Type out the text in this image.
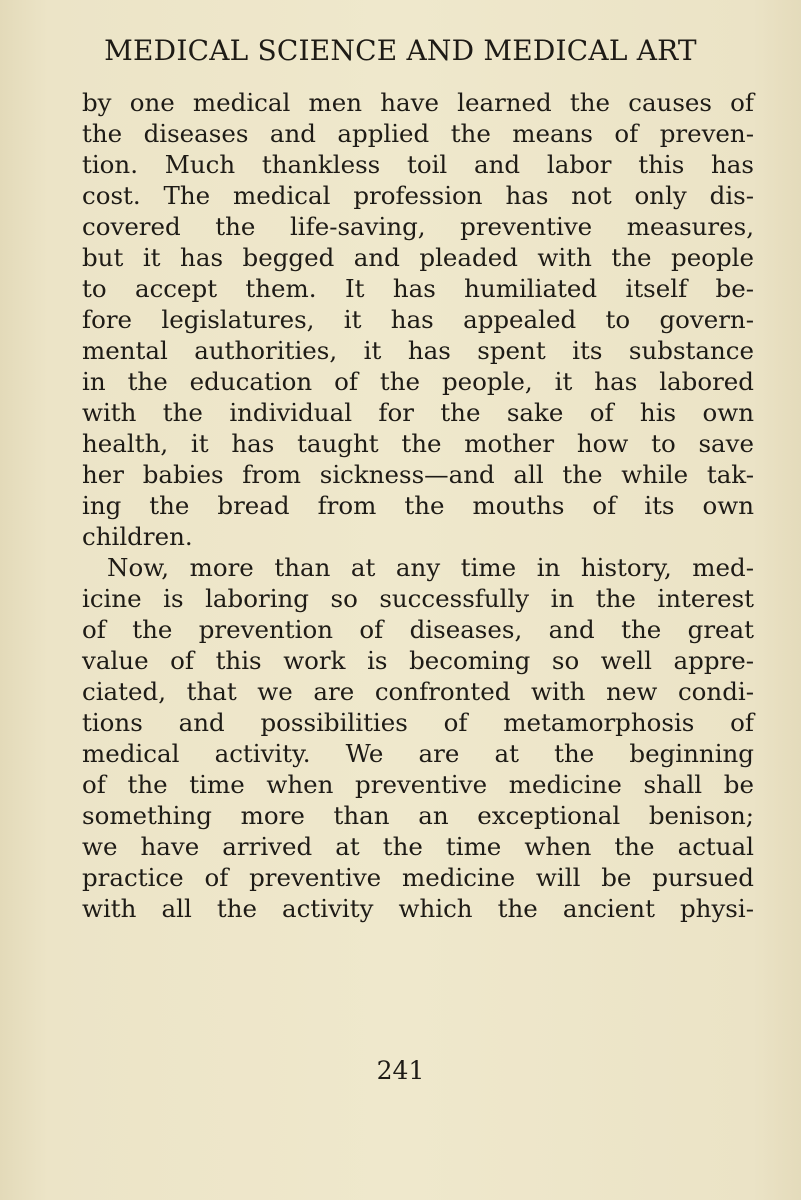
MEDICAL SCIENCE AND MEDICAL ART
by one medical men have learned the causes of
the diseases and applied the means of preven-
tion. Much thankless toil and labor this has
cost. The medical profession has not only dis-
covered the life-saving, preventive measures,
but it has begged and pleaded with the people
to accept them. It has humiliated itself be-
fore legislatures, it has appealed to govern-
mental authorities, it has spent its substance
in the education of the people, it has labored
with the individual for the sake of his own
health, it has taught the mother how to save
her babies from sickness—and all the while tak-
ing the bread from the mouths of its own
children.
Now, more than at any time in history, med-
icine is laboring so successfully in the interest
of the prevention of diseases, and the great
value of this work is becoming so well appre-
ciated, that we are confronted with new condi-
tions and possibilities of metamorphosis of
medical activity. We are at the beginning
of the time when preventive medicine shall be
something more than an exceptional benison;
we have arrived at the time when the actual
practice of preventive medicine will be pursued
with all the activity which the ancient physi-
241
